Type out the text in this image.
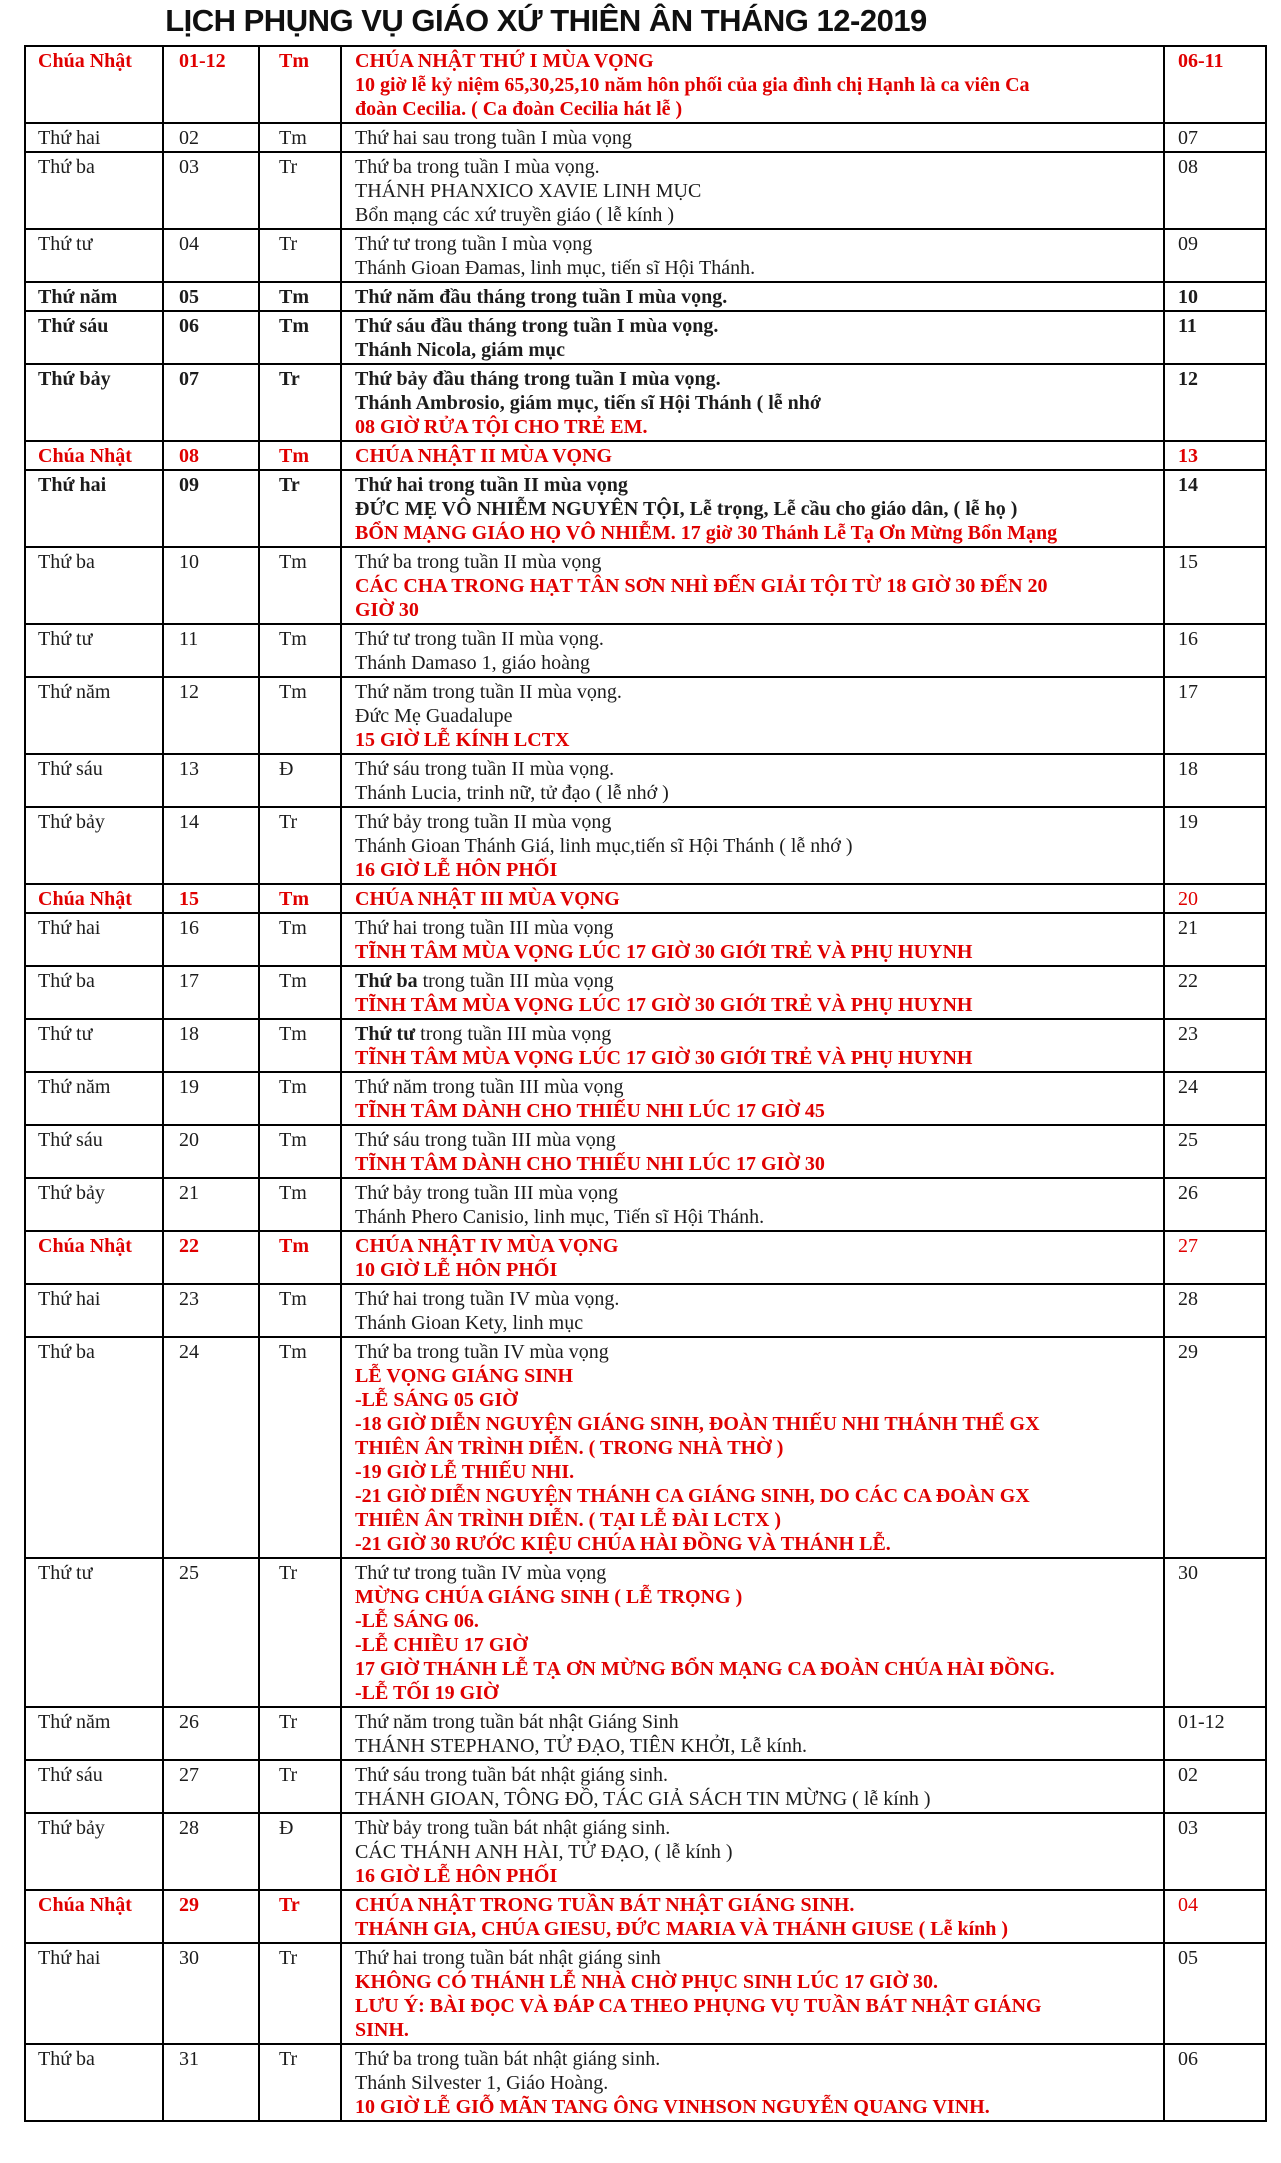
LỊCH PHỤNG VỤ GIÁO XỨ THIÊN ÂN THÁNG 12-2019
Chúa Nhật	01-12	Tm	CHÚA NHẬT THỨ I MÙA VỌNG
10 giờ lễ kỷ niệm 65,30,25,10 năm hôn phối của gia đình chị Hạnh là ca viên Ca
đoàn Cecilia. ( Ca đoàn Cecilia hát lễ )	06-11
Thứ hai	02	Tm	Thứ hai sau trong tuần I mùa vọng	07
Thứ ba	03	Tr	Thứ ba trong tuần I mùa vọng.
THÁNH PHANXICO XAVIE LINH MỤC
Bổn mạng các xứ truyền giáo ( lễ kính )	08
Thứ tư	04	Tr	Thứ tư trong tuần I mùa vọng
Thánh Gioan Đamas, linh mục, tiến sĩ Hội Thánh.	09
Thứ năm	05	Tm	Thứ năm đầu tháng trong tuần I mùa vọng.	10
Thứ sáu	06	Tm	Thứ sáu đầu tháng trong tuần I mùa vọng.
Thánh Nicola, giám mục	11
Thứ bảy	07	Tr	Thứ bảy đầu tháng trong tuần I mùa vọng.
Thánh Ambrosio, giám mục, tiến sĩ Hội Thánh ( lễ nhớ
08 GIỜ RỬA TỘI CHO TRẺ EM.	12
Chúa Nhật	08	Tm	CHÚA NHẬT II MÙA VỌNG	13
Thứ hai	09	Tr	Thứ hai trong tuần II mùa vọng
ĐỨC MẸ VÔ NHIỄM NGUYÊN TỘI, Lễ trọng, Lễ cầu cho giáo dân, ( lễ họ )
BỔN MẠNG GIÁO HỌ VÔ NHIỄM. 17 giờ 30 Thánh Lễ Tạ Ơn Mừng Bổn Mạng	14
Thứ ba	10	Tm	Thứ ba trong tuần II mùa vọng
CÁC CHA TRONG HẠT TÂN SƠN NHÌ ĐẾN GIẢI TỘI TỪ 18 GIỜ 30 ĐẾN 20
GIỜ 30	15
Thứ tư	11	Tm	Thứ tư trong tuần II mùa vọng.
Thánh Damaso 1, giáo hoàng	16
Thứ năm	12	Tm	Thứ năm trong tuần II mùa vọng.
Đức Mẹ Guadalupe
15 GIỜ LỄ KÍNH LCTX	17
Thứ sáu	13	Đ	Thứ sáu trong tuần II mùa vọng.
Thánh Lucia, trinh nữ, tử đạo ( lễ nhớ )	18
Thứ bảy	14	Tr	Thứ bảy trong tuần II mùa vọng
Thánh Gioan Thánh Giá, linh mục,tiến sĩ Hội Thánh ( lễ nhớ )
16 GIỜ LỄ HÔN PHỐI	19
Chúa Nhật	15	Tm	CHÚA NHẬT III MÙA VỌNG	20
Thứ hai	16	Tm	Thứ hai trong tuần III mùa vọng
TĨNH TÂM MÙA VỌNG LÚC 17 GIỜ 30 GIỚI TRẺ VÀ PHỤ HUYNH	21
Thứ ba	17	Tm	Thứ ba trong tuần III mùa vọng
TĨNH TÂM MÙA VỌNG LÚC 17 GIỜ 30 GIỚI TRẺ VÀ PHỤ HUYNH	22
Thứ tư	18	Tm	Thứ tư trong tuần III mùa vọng
TĨNH TÂM MÙA VỌNG LÚC 17 GIỜ 30 GIỚI TRẺ VÀ PHỤ HUYNH	23
Thứ năm	19	Tm	Thứ năm trong tuần III mùa vọng
TĨNH TÂM DÀNH CHO THIẾU NHI LÚC 17 GIỜ 45	24
Thứ sáu	20	Tm	Thứ sáu trong tuần III mùa vọng
TĨNH TÂM DÀNH CHO THIẾU NHI LÚC 17 GIỜ 30	25
Thứ bảy	21	Tm	Thứ bảy trong tuần III mùa vọng
Thánh Phero Canisio, linh mục, Tiến sĩ Hội Thánh.	26
Chúa Nhật	22	Tm	CHÚA NHẬT IV MÙA VỌNG
10 GIỜ LỄ HÔN PHỐI	27
Thứ hai	23	Tm	Thứ hai trong tuần IV mùa vọng.
Thánh Gioan Kety, linh mục	28
Thứ ba	24	Tm	Thứ ba trong tuần IV mùa vọng
LỄ VỌNG GIÁNG SINH
-LỄ SÁNG 05 GIỜ
-18 GIỜ DIỄN NGUYỆN GIÁNG SINH, ĐOÀN THIẾU NHI THÁNH THỂ GX
THIÊN ÂN TRÌNH DIỄN. ( TRONG NHÀ THỜ )
-19 GIỜ LỄ THIẾU NHI.
-21 GIỜ DIỄN NGUYỆN THÁNH CA GIÁNG SINH, DO CÁC CA ĐOÀN GX
THIÊN ÂN TRÌNH DIỄN. ( TẠI LỄ ĐÀI LCTX )
-21 GIỜ 30 RƯỚC KIỆU CHÚA HÀI ĐỒNG VÀ THÁNH LỄ.
	29
Thứ tư	25	Tr	Thứ tư trong tuần IV mùa vọng
MỪNG CHÚA GIÁNG SINH ( LỄ TRỌNG )
-LỄ SÁNG 06.
-LỄ CHIỀU 17 GIỜ
17 GIỜ THÁNH LỄ TẠ ƠN MỪNG BỔN MẠNG CA ĐOÀN CHÚA HÀI ĐỒNG.
-LỄ TỐI 19 GIỜ
	30
Thứ năm	26	Tr	Thứ năm trong tuần bát nhật Giáng Sinh
THÁNH STEPHANO, TỬ ĐẠO, TIÊN KHỞI, Lễ kính.	01-12
Thứ sáu	27	Tr	Thứ sáu trong tuần bát nhật giáng sinh.
THÁNH GIOAN, TÔNG ĐỒ, TÁC GIẢ SÁCH TIN MỪNG ( lễ kính )	02
Thứ bảy	28	Đ	Thừ bảy trong tuần bát nhật giáng sinh.
CÁC THÁNH ANH HÀI, TỬ ĐẠO, ( lễ kính )
16 GIỜ LỄ HÔN PHỐI	03
Chúa Nhật	29	Tr	CHÚA NHẬT TRONG TUẦN BÁT NHẬT GIÁNG SINH.
THÁNH GIA, CHÚA GIESU, ĐỨC MARIA VÀ THÁNH GIUSE ( Lễ kính )	04
Thứ hai	30	Tr	Thứ hai trong tuần bát nhật giáng sinh
KHÔNG CÓ THÁNH LỄ NHÀ CHỜ PHỤC SINH LÚC 17 GIỜ 30.
LƯU Ý: BÀI ĐỌC VÀ ĐÁP CA THEO PHỤNG VỤ TUẦN BÁT NHẬT GIÁNG
SINH.	05
Thứ ba	31	Tr	Thứ ba trong tuần bát nhật giáng sinh.
Thánh Silvester 1, Giáo Hoàng.
10 GIỜ LỄ GIỖ MÃN TANG ÔNG VINHSON NGUYỄN QUANG VINH.	06
